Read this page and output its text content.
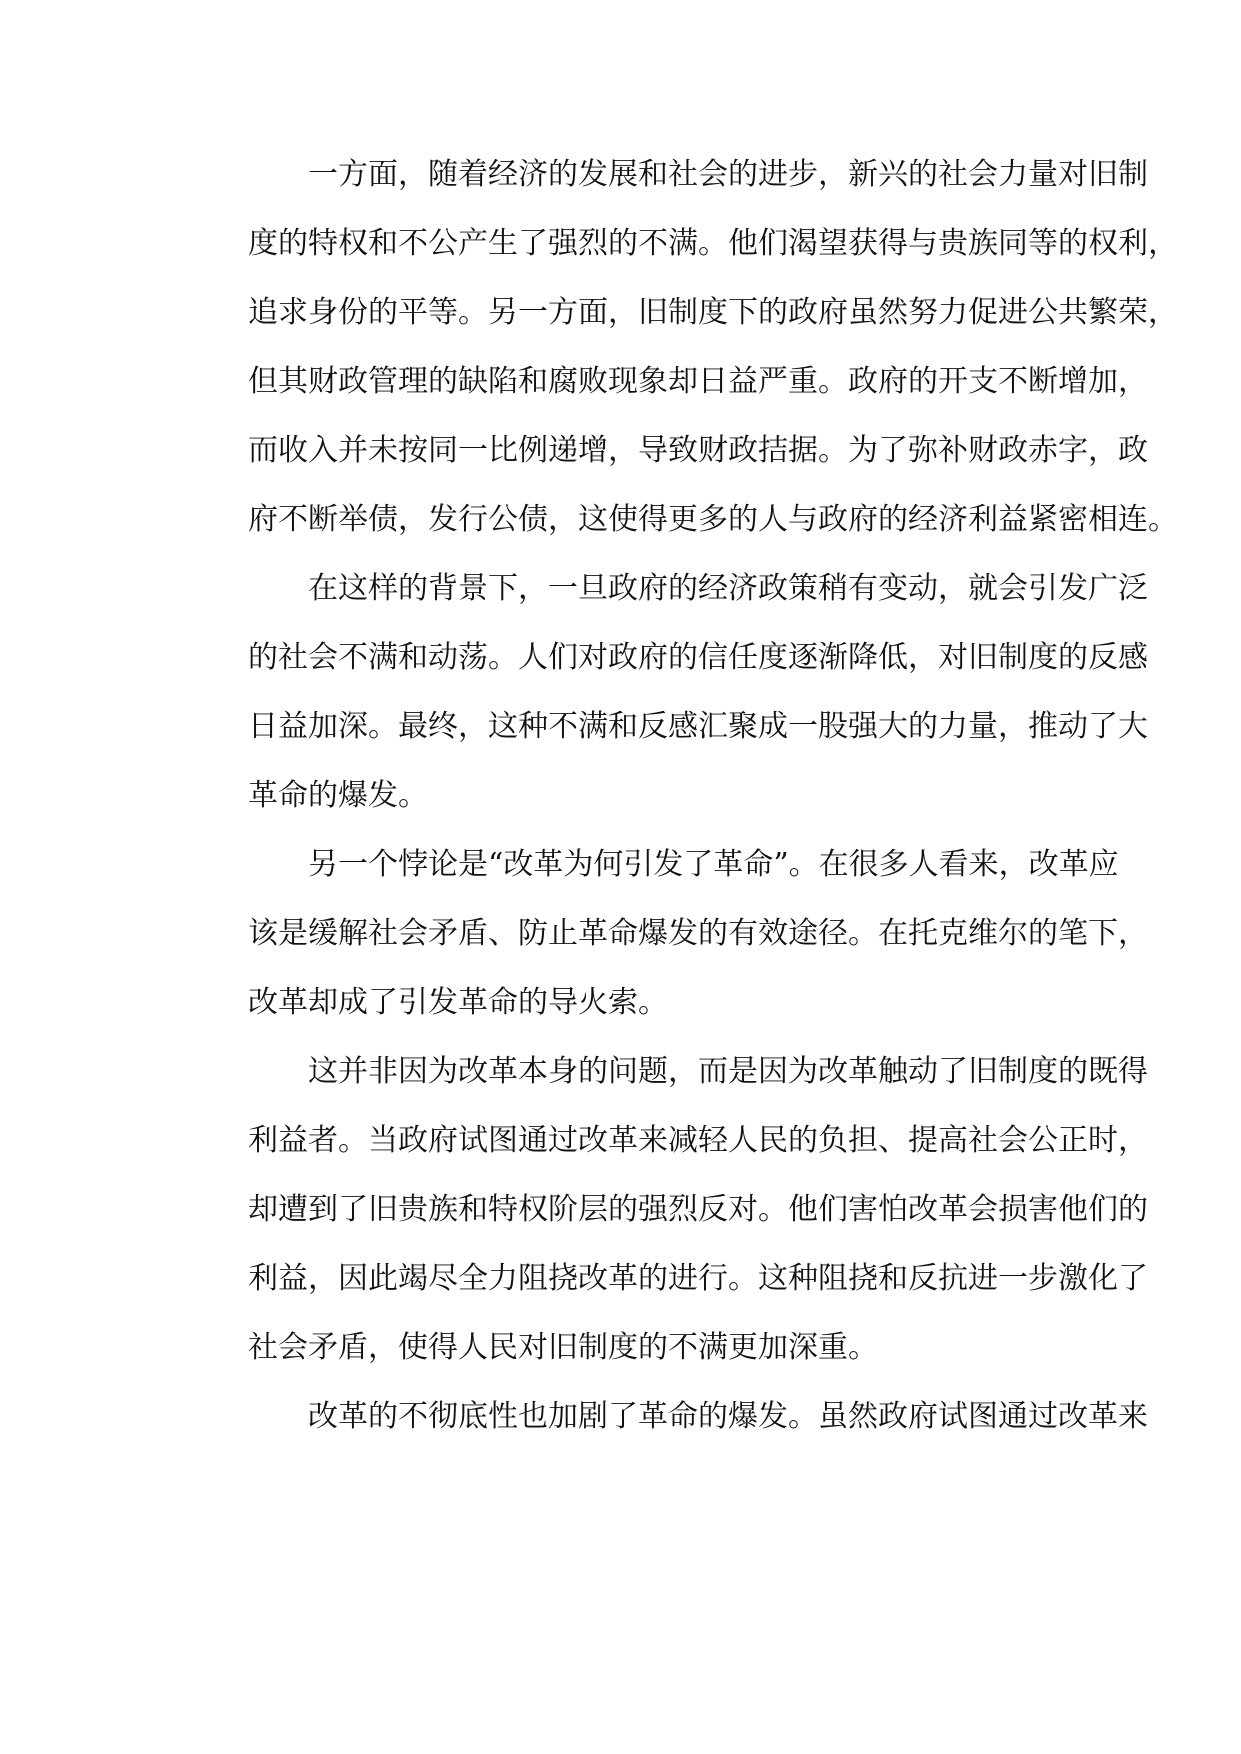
一方面，随着经济的发展和社会的进步，新兴的社会力量对旧制
度的特权和不公产生了强烈的不满。他们渴望获得与贵族同等的权利，
追求身份的平等。另一方面，旧制度下的政府虽然努力促进公共繁荣，
但其财政管理的缺陷和腐败现象却日益严重。政府的开支不断增加，
而收入并未按同一比例递增，导致财政拮据。为了弥补财政赤字，政
府不断举债，发行公债，这使得更多的人与政府的经济利益紧密相连。
在这样的背景下，一旦政府的经济政策稍有变动，就会引发广泛
的社会不满和动荡。人们对政府的信任度逐渐降低，对旧制度的反感
日益加深。最终，这种不满和反感汇聚成一股强大的力量，推动了大
革命的爆发。
另一个悖论是“改革为何引发了革命”。在很多人看来，改革应
该是缓解社会矛盾、防止革命爆发的有效途径。在托克维尔的笔下，
改革却成了引发革命的导火索。
这并非因为改革本身的问题，而是因为改革触动了旧制度的既得
利益者。当政府试图通过改革来减轻人民的负担、提高社会公正时，
却遭到了旧贵族和特权阶层的强烈反对。他们害怕改革会损害他们的
利益，因此竭尽全力阻挠改革的进行。这种阻挠和反抗进一步激化了
社会矛盾，使得人民对旧制度的不满更加深重。
改革的不彻底性也加剧了革命的爆发。虽然政府试图通过改革来
